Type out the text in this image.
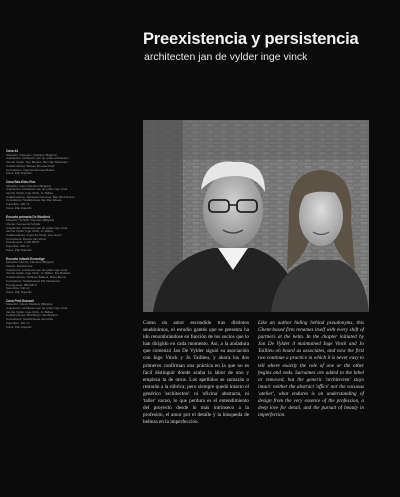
Preexistencia y persistencia
architecten jan de vylder inge vinck
Casa 43
Situación: Zottegem, Flanders (Bélgica)
Arquitectos: Architecten jan de vylder architecten
Jan De Vylder, Tom Bettens, Bert Van Bouwelen
Colaboradores: Bureau Bouwtechniek
Consultores: Ingenieursbureau Bollen
Fotos: Filip Dujardin
Casa Bas-Bleu-Rue
Situación: Gent, Flanders (Bélgica)
Arquitectos: Architecten jan de vylder inge vinck
Jan De Vylder, Inge Vinck, Jo Taillieu
Colaboradores: Sebastian Gammer, Bas Van Damme
Consultores: Studiebureau Van Den Abeele
Superficie: 420 m²
Fotos: Filip Dujardin
Escuela primaria De Biodiest
Situación: Schelle, Flanders (Bélgica)
Cliente: Gemeente Schelle
Arquitectos: Architecten jan de vylder inge vinck
Jan De Vylder, Inge Vinck, Jo Taillieu
Colaboradores: Ingrid De Tandt, Lise Guyot
Consultores: Bureau Jan Morel
Presupuesto: 1.200.000 €
Superficie: 900 m²
Fotos: Filip Dujardin
Escuela infantil Ecrastige
Situación: Deinze, Flanders (Bélgica)
Cliente: Stad Deinze
Arquitectos: Architecten jan de vylder inge vinck
Jan De Vylder, Inge Vinck, Jo Taillieu, Ilse Brabant
Colaboradores: Kathleen Bailleul, Marie Bonne
Consultores: Studiebureau Rik Vanhaeren
Presupuesto: 950.000 €
Superficie: 640 m²
Fotos: Filip Dujardin
Casa Petit Bonsail
Situación: Ghent, Flanders (Bélgica)
Arquitectos: Architecten jan de vylder inge vinck
Jan De Vylder, Inge Vinck, Jo Taillieu
Colaboradores: Bert Bovijn, Ilse Brabant
Consultores: Studiebureau Jan Ghijs
Superficie: 190 m²
Fotos: Filip Dujardin
Como un autor escondido tras distintos seudónimos, el estudio gantés que se presenta ha ido renombrándose en función de los socios que lo han dirigido en cada momento. Así, a la andadura que comenzó Jan De Vylder siguió su asociación con Inge Vinck y Jo Taillieu, y ahora los dos primeros confirman una práctica en la que no es fácil distinguir dónde acaba la labor de uno y empieza la de otros. Los apellidos se sumarán o restarán a la rúbrica; pero siempre quedó intacto el genérico 'architecten': ni 'oficina' abstracta, ni 'taller' vacuo, lo que perdura es el entendimiento del proyecto desde lo más intrínseco a la profesión, el amor por el detalle y la búsqueda de belleza en la imperfección.
Like an author hiding behind pseudonyms, this Ghent-based firm renames itself with every shift of partners at the helm. In the chapter initiated by Jan De Vylder it maintained Inge Vinck and Jo Taillieu on board as associates, and now the first two continue a practice in which it is never easy to tell where exactly the role of one or the other begins and ends. Surnames are added to the label or removed, but the generic 'architecten' stays intact: neither the abstract 'office' nor the vacuous 'atelier', what endures is an understanding of design from the very essence of the profession, a deep love for detail, and the pursuit of beauty in imperfection.
